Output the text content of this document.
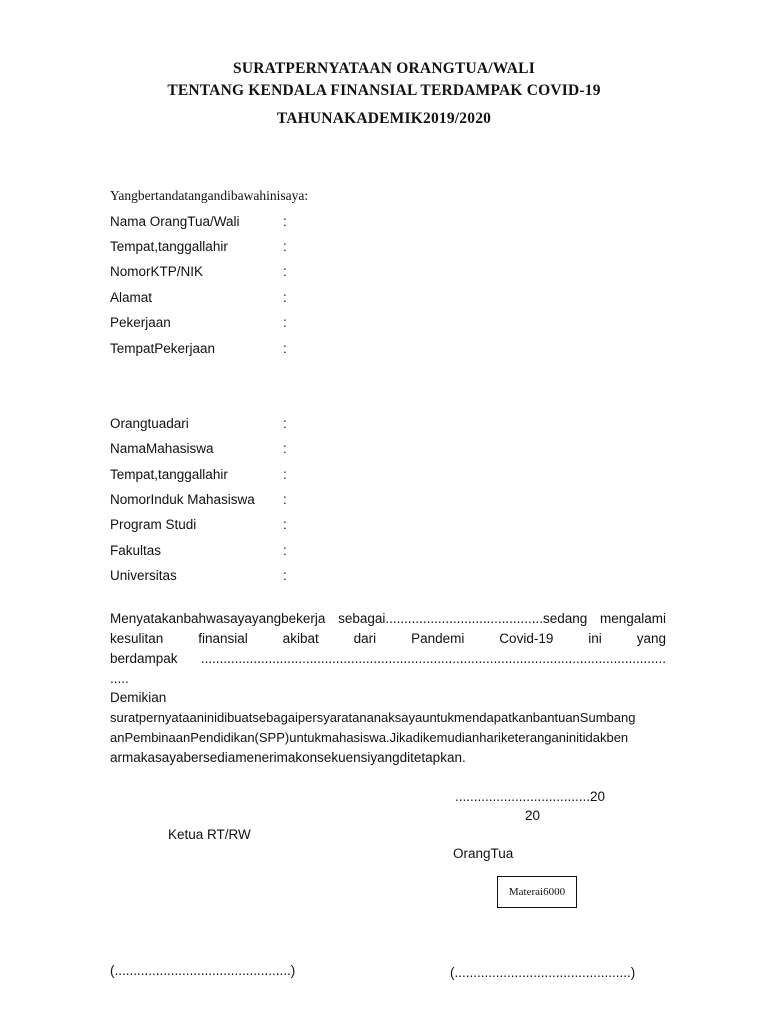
SURATPERNYATAAN ORANGTUA/WALI
TENTANG KENDALA FINANSIAL TERDAMPAK COVID-19
TAHUNAKADEMIK2019/2020
Yangbertandatangandibawahinisaya:
Nama OrangTua/Wali	:
Tempat,tanggallahir	:
NomorKTP/NIK	:
Alamat	:
Pekerjaan	:
TempatPekerjaan	:
Orangtuadari	:
NamaMahasiswa	:
Tempat,tanggallahir	:
NomorInduk Mahasiswa :
Program Studi	:
Fakultas	:
Universitas	:
Menyatakanbahwasayayangbekerja sebagai..........................................sedang mengalami
kesulitan finansial akibat dari Pandemi Covid-19 ini yang
berdampak ............................................................................................................................
.....
Demikian
suratpernyataaninidibuatsebagaipersyaratananaksayauntukmendapatkanbantuanSumbang
anPembinaanPendidikan(SPP)untukmahasiswa.Jikadikemudianhariketeranganinitidakben
armakasayabersediamenerimakonsekuensiyangditetapkan.
....................................20
20
Ketua RT/RW
OrangTua
Materai6000
(...............................................)	(...............................................)
